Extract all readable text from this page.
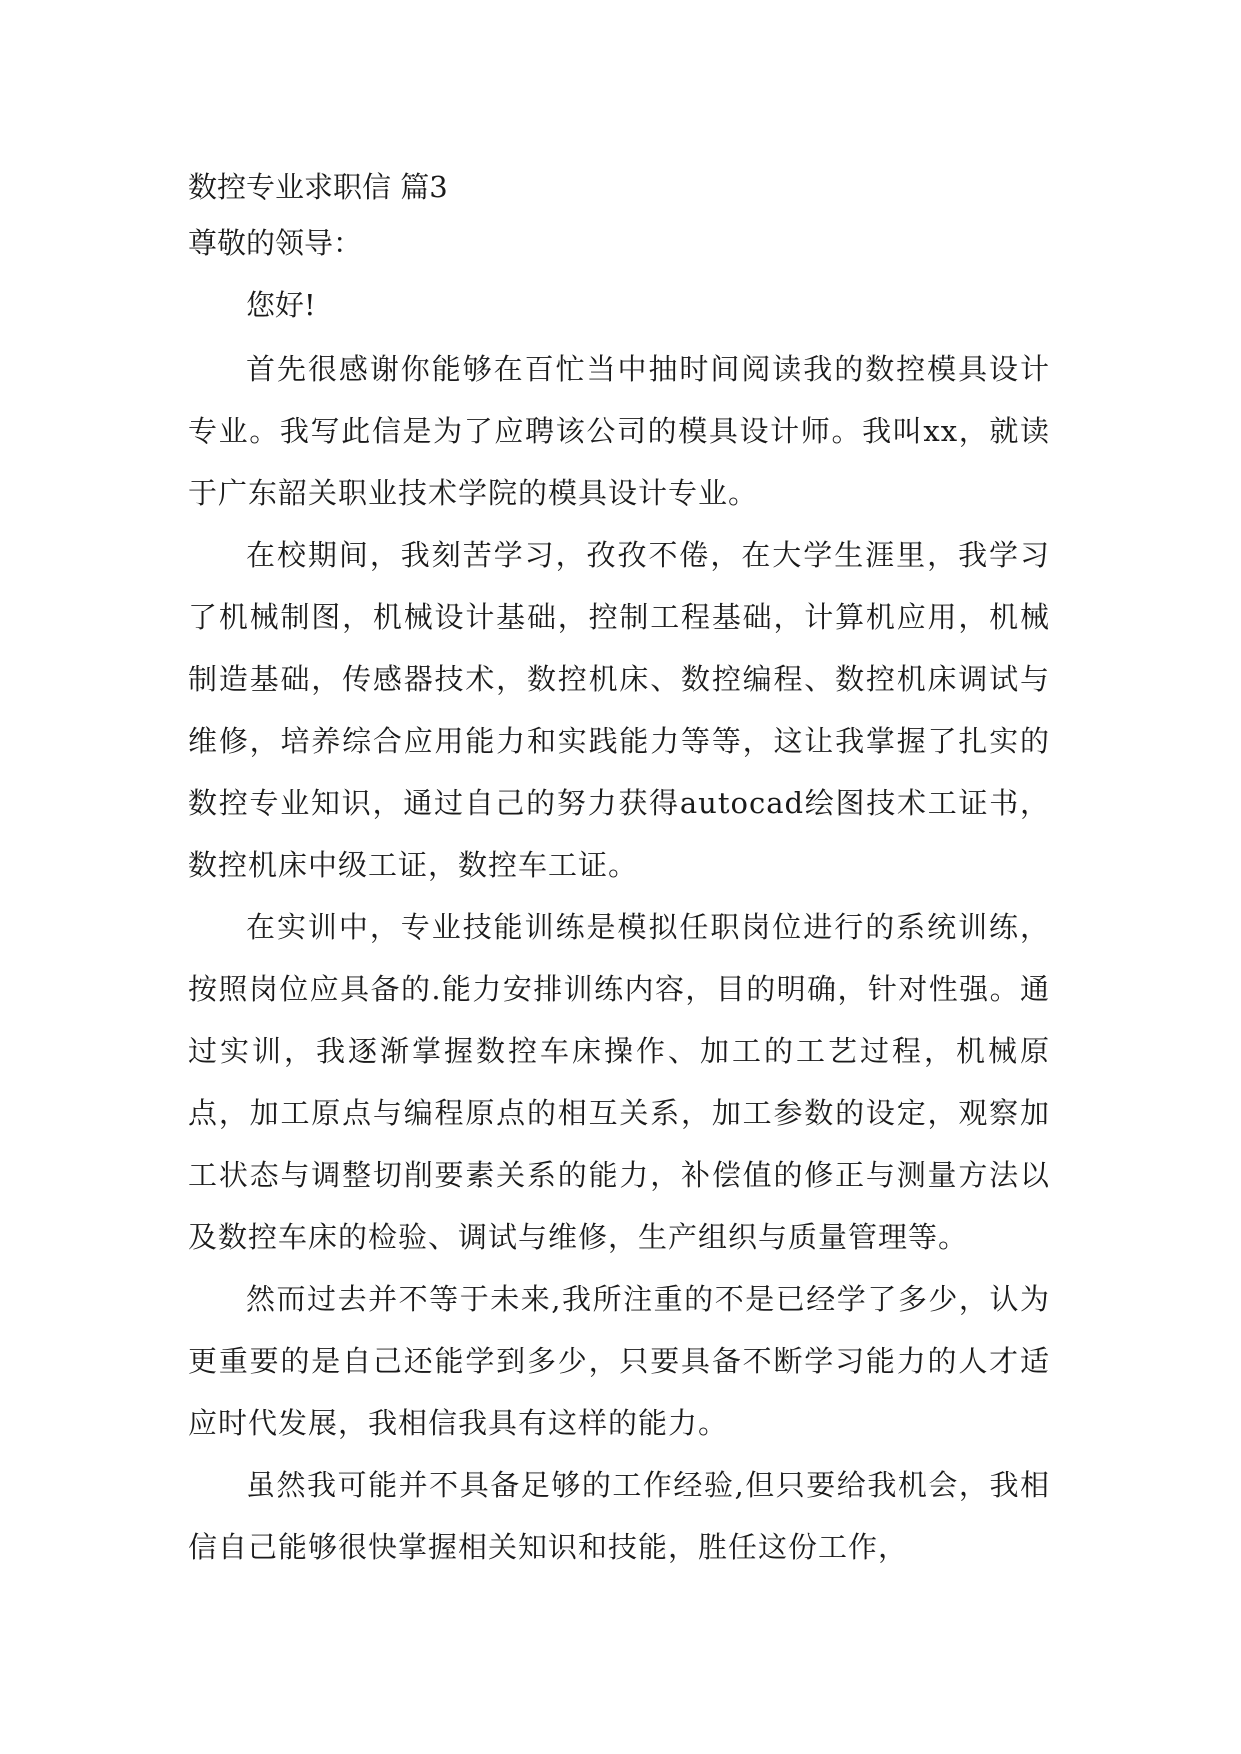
数控专业求职信 篇3

尊敬的领导：

您好!

首先很感谢你能够在百忙当中抽时间阅读我的数控模具设计专业。我写此信是为了应聘该公司的模具设计师。我叫xx，就读于广东韶关职业技术学院的模具设计专业。

在校期间，我刻苦学习，孜孜不倦，在大学生涯里，我学习了机械制图，机械设计基础，控制工程基础，计算机应用，机械制造基础，传感器技术，数控机床、数控编程、数控机床调试与维修，培养综合应用能力和实践能力等等，这让我掌握了扎实的数控专业知识，通过自己的努力获得autocad绘图技术工证书，数控机床中级工证，数控车工证。

在实训中，专业技能训练是模拟任职岗位进行的系统训练，按照岗位应具备的.能力安排训练内容，目的明确，针对性强。通过实训，我逐渐掌握数控车床操作、加工的工艺过程，机械原点，加工原点与编程原点的相互关系，加工参数的设定，观察加工状态与调整切削要素关系的能力，补偿值的修正与测量方法以及数控车床的检验、调试与维修，生产组织与质量管理等。

然而过去并不等于未来,我所注重的不是已经学了多少，认为更重要的是自己还能学到多少，只要具备不断学习能力的人才适应时代发展，我相信我具有这样的能力。

虽然我可能并不具备足够的工作经验,但只要给我机会，我相信自己能够很快掌握相关知识和技能，胜任这份工作，
